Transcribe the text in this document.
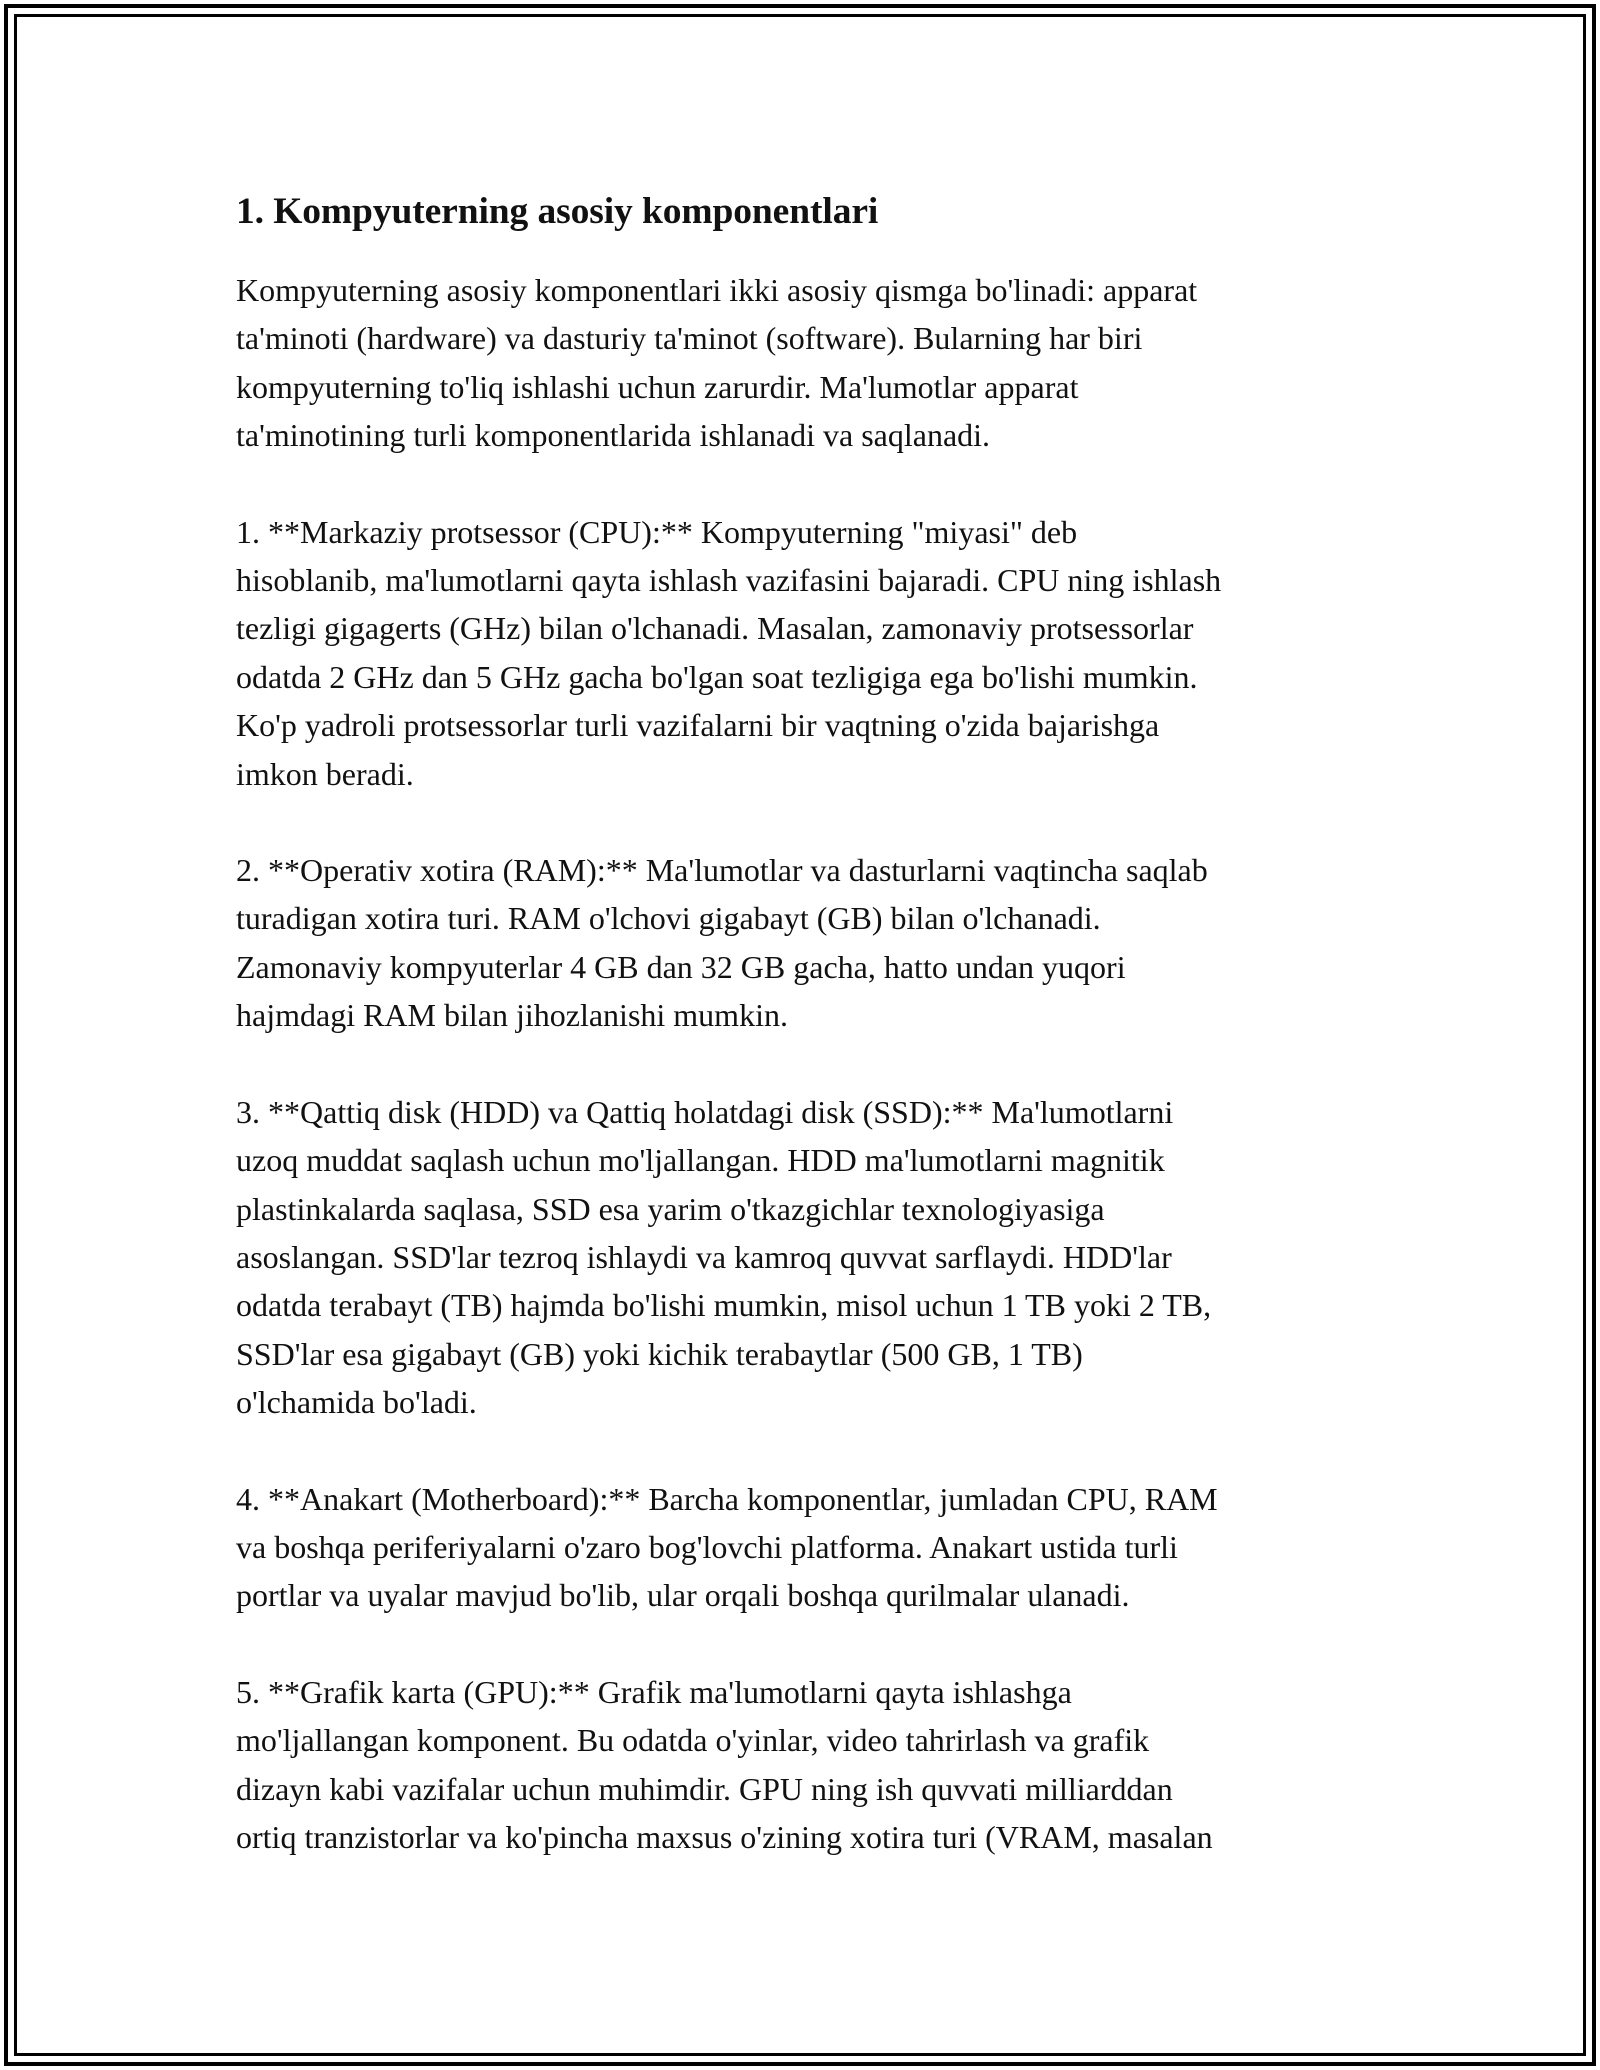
1. Kompyuterning asosiy komponentlari

Kompyuterning asosiy komponentlari ikki asosiy qismga bo'linadi: apparat
ta'minoti (hardware) va dasturiy ta'minot (software). Bularning har biri
kompyuterning to'liq ishlashi uchun zarurdir. Ma'lumotlar apparat
ta'minotining turli komponentlarida ishlanadi va saqlanadi.

1. **Markaziy protsessor (CPU):** Kompyuterning "miyasi" deb
hisoblanib, ma'lumotlarni qayta ishlash vazifasini bajaradi. CPU ning ishlash
tezligi gigagerts (GHz) bilan o'lchanadi. Masalan, zamonaviy protsessorlar
odatda 2 GHz dan 5 GHz gacha bo'lgan soat tezligiga ega bo'lishi mumkin.
Ko'p yadroli protsessorlar turli vazifalarni bir vaqtning o'zida bajarishga
imkon beradi.

2. **Operativ xotira (RAM):** Ma'lumotlar va dasturlarni vaqtincha saqlab
turadigan xotira turi. RAM o'lchovi gigabayt (GB) bilan o'lchanadi.
Zamonaviy kompyuterlar 4 GB dan 32 GB gacha, hatto undan yuqori
hajmdagi RAM bilan jihozlanishi mumkin.

3. **Qattiq disk (HDD) va Qattiq holatdagi disk (SSD):** Ma'lumotlarni
uzoq muddat saqlash uchun mo'ljallangan. HDD ma'lumotlarni magnitik
plastinkalarda saqlasa, SSD esa yarim o'tkazgichlar texnologiyasiga
asoslangan. SSD'lar tezroq ishlaydi va kamroq quvvat sarflaydi. HDD'lar
odatda terabayt (TB) hajmda bo'lishi mumkin, misol uchun 1 TB yoki 2 TB,
SSD'lar esa gigabayt (GB) yoki kichik terabaytlar (500 GB, 1 TB)
o'lchamida bo'ladi.

4. **Anakart (Motherboard):** Barcha komponentlar, jumladan CPU, RAM
va boshqa periferiyalarni o'zaro bog'lovchi platforma. Anakart ustida turli
portlar va uyalar mavjud bo'lib, ular orqali boshqa qurilmalar ulanadi.

5. **Grafik karta (GPU):** Grafik ma'lumotlarni qayta ishlashga
mo'ljallangan komponent. Bu odatda o'yinlar, video tahrirlash va grafik
dizayn kabi vazifalar uchun muhimdir. GPU ning ish quvvati milliarddan
ortiq tranzistorlar va ko'pincha maxsus o'zining xotira turi (VRAM, masalan
